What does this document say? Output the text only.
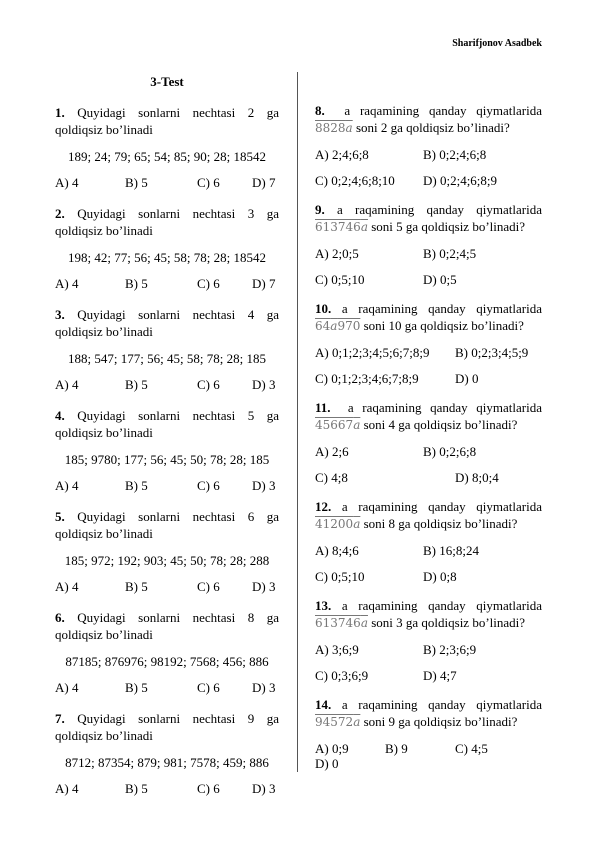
Sharifjonov Asadbek
3-Test

1. Quyidagi sonlarni nechtasi 2 ga qoldiqsiz bo’linadi

189; 24; 79; 65; 54; 85; 90; 28; 18542
A) 4	B) 5	C) 6	D) 7

2. Quyidagi sonlarni nechtasi 3 ga qoldiqsiz bo’linadi

198; 42; 77; 56; 45; 58; 78; 28; 18542
A) 4	B) 5	C) 6	D) 7

3. Quyidagi sonlarni nechtasi 4 ga qoldiqsiz bo’linadi

188; 547; 177; 56; 45; 58; 78; 28; 185
A) 4	B) 5	C) 6	D) 3

4. Quyidagi sonlarni nechtasi 5 ga qoldiqsiz bo’linadi

185; 9780; 177; 56; 45; 50; 78; 28; 185
A) 4	B) 5	C) 6	D) 3

5. Quyidagi sonlarni nechtasi 6 ga qoldiqsiz bo’linadi

185; 972; 192; 903; 45; 50; 78; 28; 288
A) 4	B) 5	C) 6	D) 3

6. Quyidagi sonlarni nechtasi 8 ga qoldiqsiz bo’linadi

87185; 876976; 98192; 7568; 456; 886
A) 4	B) 5	C) 6	D) 3

7. Quyidagi sonlarni nechtasi 9 ga qoldiqsiz bo’linadi

8712; 87354; 879; 981; 7578; 459; 886
A) 4	B) 5	C) 6	D) 3

8. a raqamining qanday qiymatlarida 8828a soni 2 ga qoldiqsiz bo’linadi?

A) 2;4;6;8	B) 0;2;4;6;8
C) 0;2;4;6;8;10	D) 0;2;4;6;8;9

9. a raqamining qanday qiymatlarida 613746a soni 5 ga qoldiqsiz bo’linadi?

A) 2;0;5	B) 0;2;4;5
C) 0;5;10	D) 0;5

10. a raqamining qanday qiymatlarida 64a970 soni 10 ga qoldiqsiz bo’linadi?

A) 0;1;2;3;4;5;6;7;8;9	B) 0;2;3;4;5;9
C) 0;1;2;3;4;6;7;8;9	D) 0

11. a raqamining qanday qiymatlarida 45667a soni 4 ga qoldiqsiz bo’linadi?

A) 2;6	B) 0;2;6;8
C) 4;8	D) 8;0;4

12. a raqamining qanday qiymatlarida 41200a soni 8 ga qoldiqsiz bo’linadi?

A) 8;4;6	B) 16;8;24
C) 0;5;10	D) 0;8

13. a raqamining qanday qiymatlarida 613746a soni 3 ga qoldiqsiz bo’linadi?

A) 3;6;9	B) 2;3;6;9
C) 0;3;6;9	D) 4;7

14. a raqamining qanday qiymatlarida 94572a soni 9 ga qoldiqsiz bo’linadi?

A) 0;9	B) 9	C) 4;5
D) 0
